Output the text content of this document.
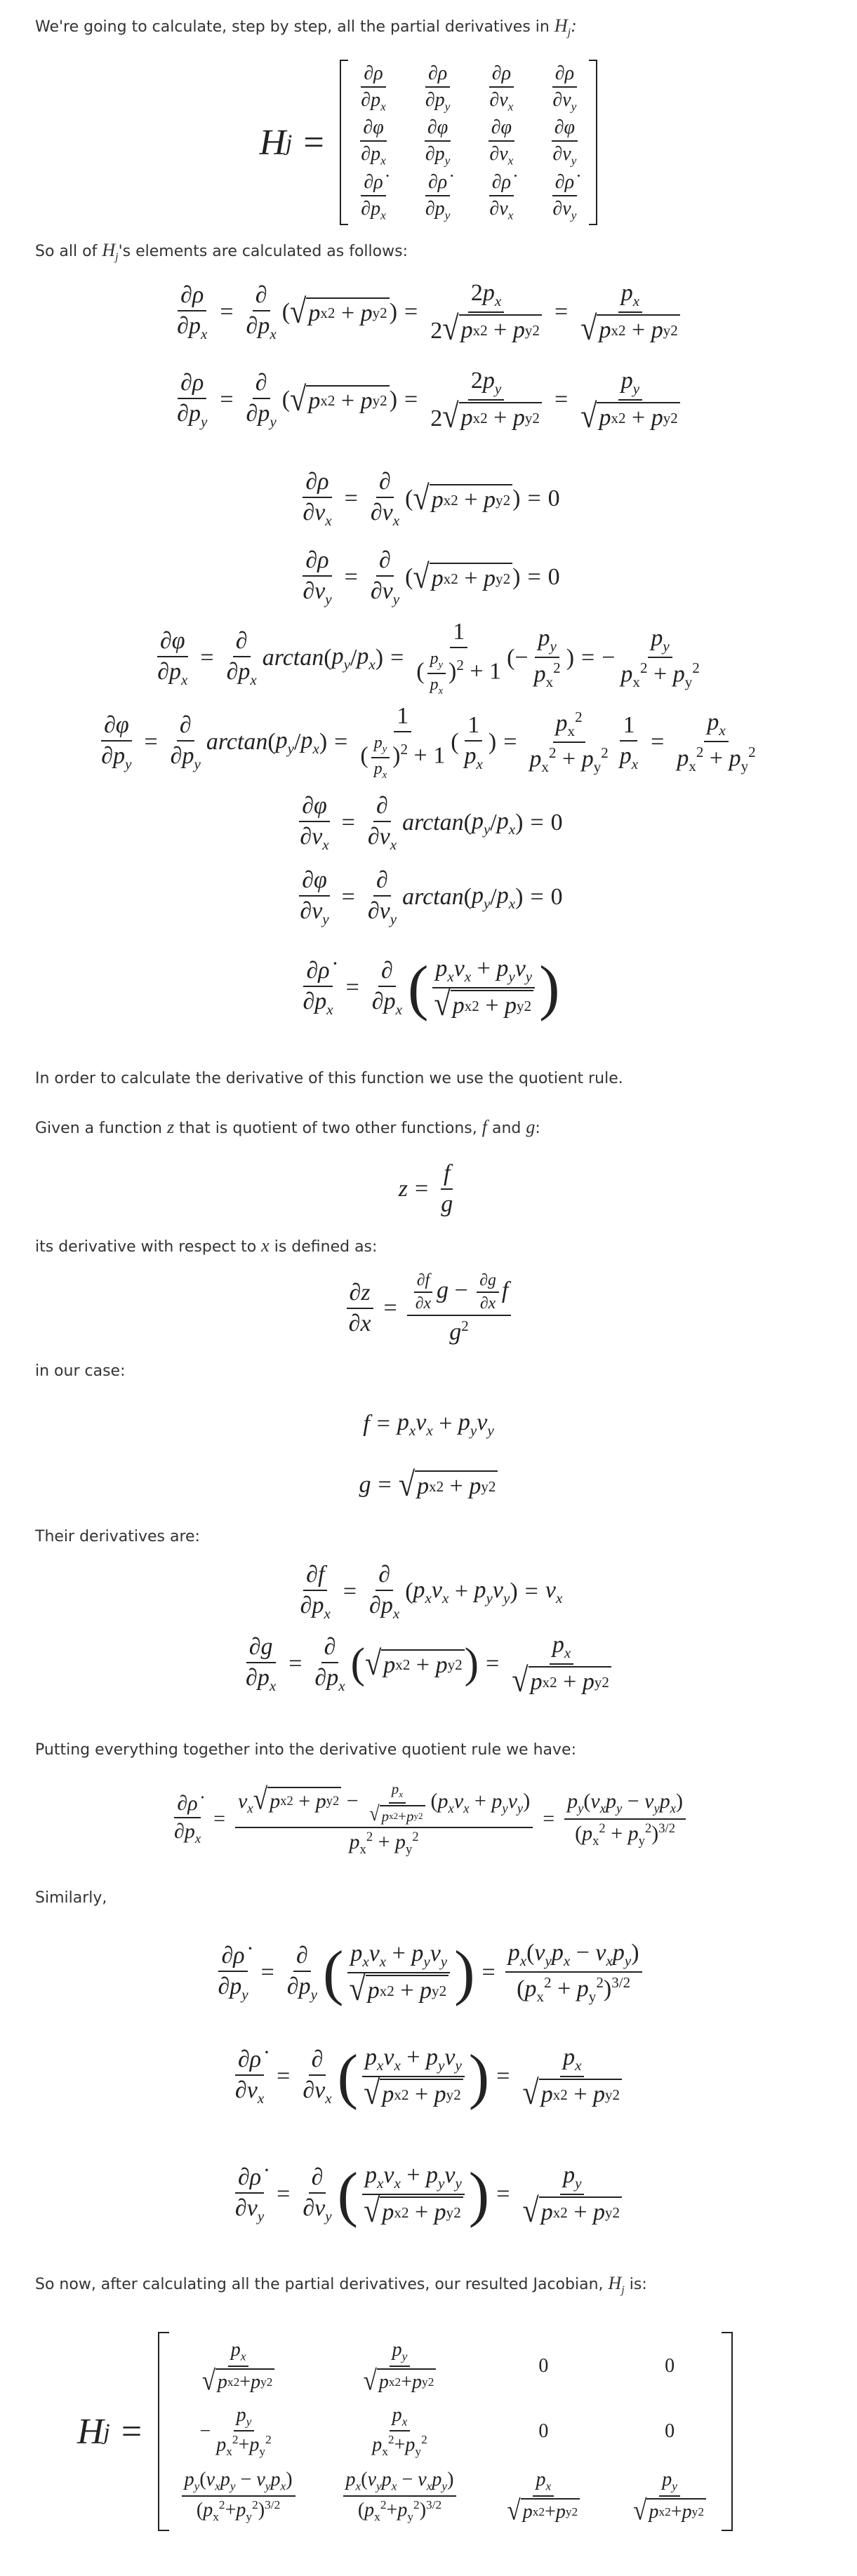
We're going to calculate, step by step, all the partial derivatives in $H_j$:
H j =
$\frac{\partial\rho}{\partial p_x} \frac{\partial\rho}{\partial p_y} \frac{\partial\rho}{\partial v_x} \frac{\partial\rho}{\partial v_y}$
$\frac{\partial\varphi}{\partial p_x} \frac{\partial\varphi}{\partial p_y} \frac{\partial\varphi}{\partial v_x} \frac{\partial\varphi}{\partial v_y}$
$\frac{\partial\rhȯ}{\partial p_x} \frac{\partial\rhȯ}{\partial p_y} \frac{\partial\rhȯ}{\partial v_x} \frac{\partial\rhȯ}{\partial v_y}$
So all of $H_j's$ elements are calculated as follows:
$\frac{\partial\rho}{\partial p_x} = \frac{\partial}{\partial p_x}$ ( √ p x 2 + p y 2 ) = $\frac{2p_x}{\text{2 √ p x 2 + p y 2}} = \frac{p_x}{\text{√ p x 2 + p y 2}}$
$\frac{\partial\rho}{\partial p_y} = \frac{\partial}{\partial p_y}$ ( √ p x 2 + p y 2 ) = $\frac{2p_y}{\text{2 √ p x 2 + p y 2}} = \frac{p_y}{\text{√ p x 2 + p y 2}}$
$\frac{\partial\rho}{\partial v_x} = \frac{\partial}{\partial v_x}$ ( √ p x 2 + p y 2 ) = 0
$\frac{\partial\rho}{\partial v_y} = \frac{\partial}{\partial v_y}$ ( √ p x 2 + p y 2 ) = 0
$\frac{\partial\varphi}{\partial p_x} = \frac{\partial}{\partial p_x}$ arctan ( $p_y / p_x$ ) = $\frac{1}{( \frac{p_y}{p_x} )^2 + 1}$ (− $\frac{p_y}{p_x^2}$ ) = − $\frac{p_y}{p_x^2 + p_y^2}$
$\frac{\partial\varphi}{\partial p_y} = \frac{\partial}{\partial p_y}$ arctan ( $p_y / p_x$ ) = $\frac{1}{( \frac{p_y}{p_x} )^2 + 1}$ ( $\frac{1}{p_x}$ ) = $\frac{p_x^2}{p_x^2 + p_y^2} \frac{1}{p_x} = \frac{p_x}{p_x^2 + p_y^2}$
$\frac{\partial\varphi}{\partial v_x} = \frac{\partial}{\partial v_x}$ arctan ( $p_y / p_x$ ) = 0
$\frac{\partial\varphi}{\partial v_y} = \frac{\partial}{\partial v_y}$ arctan ( $p_y / p_x$ ) = 0
$\frac{\partial\rhȯ}{\partial p_x} = \frac{\partial}{\partial p_x}$ ( $\frac{p_xv_x + p_yv_y}{\text{√ p x 2 + p y 2}}$ )
In order to calculate the derivative of this function we use the quotient rule.
Given a function z that is quotient of two other functions, f and g:
$z = \frac{f}{g}$
its derivative with respect to x is defined as:
$\frac{\partial z}{\partial x} = \frac{\frac{\partial f}{\partial x} g - \frac{\partial g}{\partial x} f}{g^2}$
in our case:
$f = p_xv_x + p_yv_y$
g = √ p x 2 + p y 2
Their derivatives are:
$\frac{\partial f}{\partial p_x} = \frac{\partial}{\partial p_x}$ ( $p_xv_x + p_yv_y$ ) = $v_x$
$\frac{\partial g}{\partial p_x} = \frac{\partial}{\partial p_x}$ ( √ p x 2 + p y 2 ) = $\frac{p_x}{\text{√ p x 2 + p y 2}}$
Putting everything together into the derivative quotient rule we have:
$\frac{\partial\rhȯ}{\partial p_x} = \frac{v_x √ p x 2 + p y 2 - \frac{p_x}{\text{√ p x 2 + p y 2}} (p_xv_x + p_yv_y)}{p_x^2 + p_y^2} = \frac{p_y(v_xp_y - v_yp_x)}{(p_x^2 + p_y^2)^{3/2}}$
Similarly,
$\frac{\partial\rhȯ}{\partial p_y} = \frac{\partial}{\partial p_y}$ ( $\frac{p_xv_x + p_yv_y}{\text{√ p x 2 + p y 2}}$ ) = $\frac{p_x(v_yp_x - v_xp_y)}{(p_x^2 + p_y^2)^{3/2}}$
$\frac{\partial\rhȯ}{\partial v_x} = \frac{\partial}{\partial v_x}$ ( $\frac{p_xv_x + p_yv_y}{\text{√ p x 2 + p y 2}}$ ) = $\frac{p_x}{\text{√ p x 2 + p y 2}}$
$\frac{\partial\rhȯ}{\partial v_y} = \frac{\partial}{\partial v_y}$ ( $\frac{p_xv_x + p_yv_y}{\text{√ p x 2 + p y 2}}$ ) = $\frac{p_y}{\text{√ p x 2 + p y 2}}$
So now, after calculating all the partial derivatives, our resulted Jacobian, $H_j$ is:
H j =
$\frac{p_x}{\text{√ p x 2 + p y 2}}$	$\frac{p_y}{\text{√ p x 2 + p y 2}}$	0	0
− $\frac{p_y}{p_x^2+p_y^2}$	$\frac{p_x}{p_x^2+p_y^2}$	0	0
$\frac{p_y(v_xp_y - v_yp_x)}{(p_x^2+p_y^2)^{3/2}} \frac{p_x(v_yp_x - v_xp_y)}{(p_x^2+p_y^2)^{3/2}} \frac{p_x}{\text{√ p x 2 + p y 2}} \frac{p_y}{\text{√ p x 2 + p y 2}}$
